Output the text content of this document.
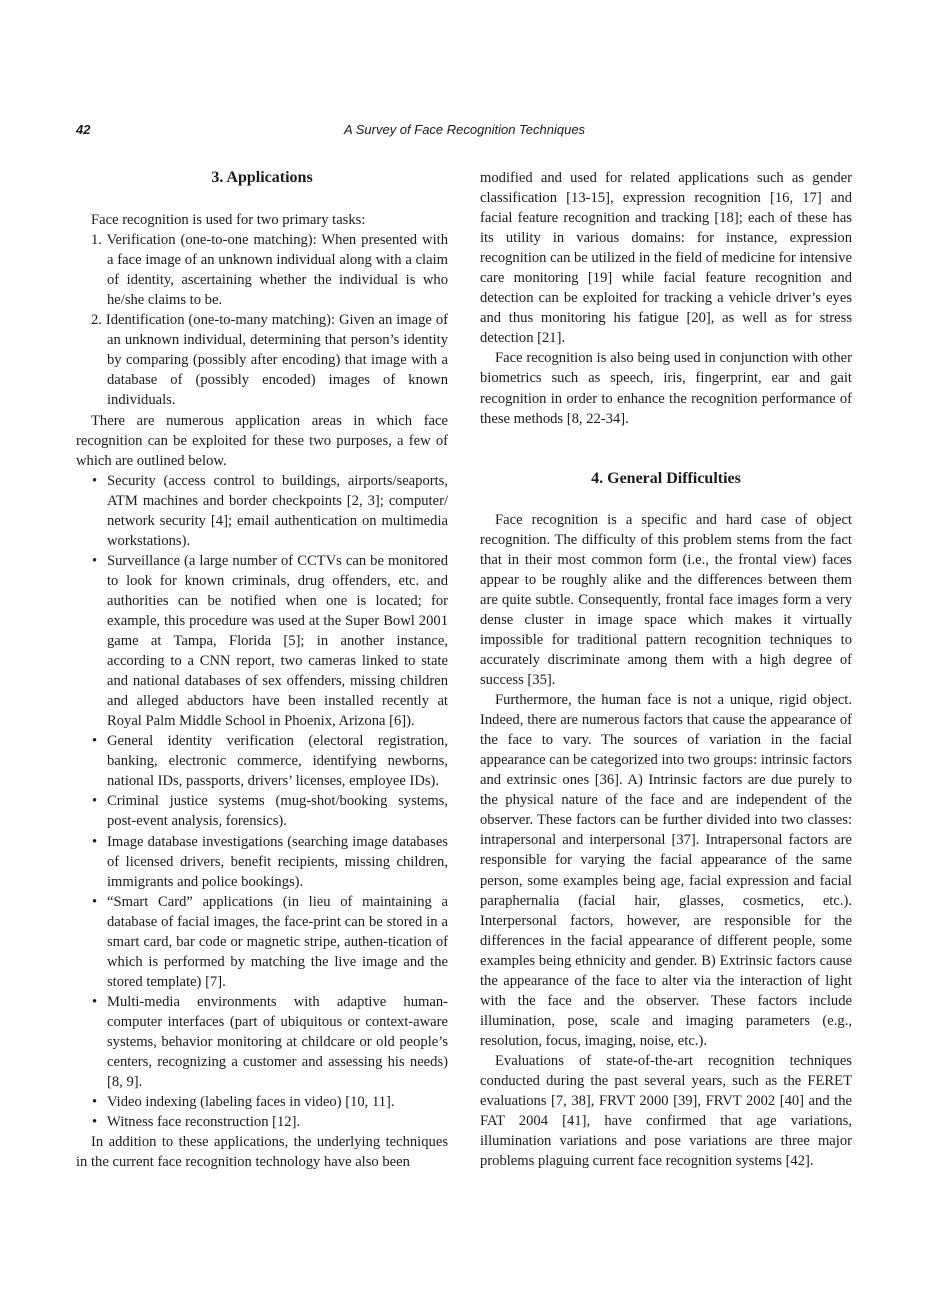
42	A Survey of Face Recognition Techniques
3. Applications

Face recognition is used for two primary tasks:

1. Verification (one-to-one matching): When presented with a face image of an unknown individual along with a claim of identity, ascertaining whether the individual is who he/she claims to be.

2. Identification (one-to-many matching): Given an image of an unknown individual, determining that person’s identity by comparing (possibly after encoding) that image with a database of (possibly encoded) images of known individuals.

There are numerous application areas in which face recognition can be exploited for these two purposes, a few of which are outlined below.

• Security (access control to buildings, airports/seaports, ATM machines and border checkpoints [2, 3]; computer/ network security [4]; email authentication on multimedia workstations).
• Surveillance (a large number of CCTVs can be monitored to look for known criminals, drug offenders, etc. and authorities can be notified when one is located; for example, this procedure was used at the Super Bowl 2001 game at Tampa, Florida [5]; in another instance, according to a CNN report, two cameras linked to state and national databases of sex offenders, missing children and alleged abductors have been installed recently at Royal Palm Middle School in Phoenix, Arizona [6]).
• General identity verification (electoral registration, banking, electronic commerce, identifying newborns, national IDs, passports, drivers’ licenses, employee IDs).
• Criminal justice systems (mug-shot/booking systems, post-event analysis, forensics).
• Image database investigations (searching image databases of licensed drivers, benefit recipients, missing children, immigrants and police bookings).
• “Smart Card” applications (in lieu of maintaining a database of facial images, the face-print can be stored in a smart card, bar code or magnetic stripe, authen-tication of which is performed by matching the live image and the stored template) [7].
• Multi-media environments with adaptive human-computer interfaces (part of ubiquitous or context-aware systems, behavior monitoring at childcare or old people’s centers, recognizing a customer and assessing his needs) [8, 9].
• Video indexing (labeling faces in video) [10, 11].
• Witness face reconstruction [12].

In addition to these applications, the underlying techniques in the current face recognition technology have also been

modified and used for related applications such as gender classification [13-15], expression recognition [16, 17] and facial feature recognition and tracking [18]; each of these has its utility in various domains: for instance, expression recognition can be utilized in the field of medicine for intensive care monitoring [19] while facial feature recognition and detection can be exploited for tracking a vehicle driver’s eyes and thus monitoring his fatigue [20], as well as for stress detection [21].

Face recognition is also being used in conjunction with other biometrics such as speech, iris, fingerprint, ear and gait recognition in order to enhance the recognition performance of these methods [8, 22-34].

4. General Difficulties

Face recognition is a specific and hard case of object recognition. The difficulty of this problem stems from the fact that in their most common form (i.e., the frontal view) faces appear to be roughly alike and the differences between them are quite subtle. Consequently, frontal face images form a very dense cluster in image space which makes it virtually impossible for traditional pattern recognition techniques to accurately discriminate among them with a high degree of success [35].

Furthermore, the human face is not a unique, rigid object. Indeed, there are numerous factors that cause the appearance of the face to vary. The sources of variation in the facial appearance can be categorized into two groups: intrinsic factors and extrinsic ones [36]. A) Intrinsic factors are due purely to the physical nature of the face and are independent of the observer. These factors can be further divided into two classes: intrapersonal and interpersonal [37]. Intrapersonal factors are responsible for varying the facial appearance of the same person, some examples being age, facial expression and facial paraphernalia (facial hair, glasses, cosmetics, etc.). Interpersonal factors, however, are responsible for the differences in the facial appearance of different people, some examples being ethnicity and gender. B) Extrinsic factors cause the appearance of the face to alter via the interaction of light with the face and the observer. These factors include illumination, pose, scale and imaging parameters (e.g., resolution, focus, imaging, noise, etc.).

Evaluations of state-of-the-art recognition techniques conducted during the past several years, such as the FERET evaluations [7, 38], FRVT 2000 [39], FRVT 2002 [40] and the FAT 2004 [41], have confirmed that age variations, illumination variations and pose variations are three major problems plaguing current face recognition systems [42].
